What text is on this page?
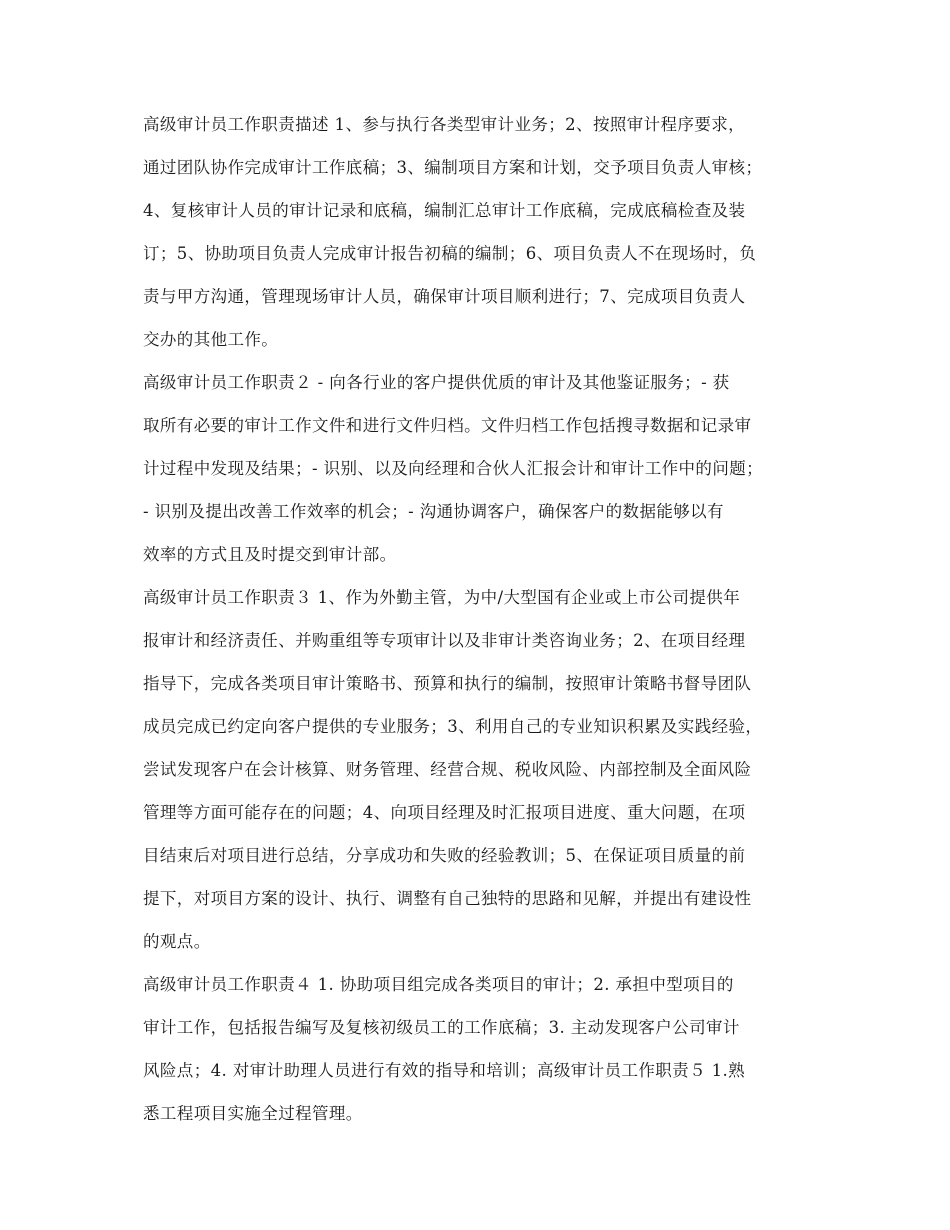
高级审计员工作职责描述 1、参与执行各类型审计业务；2、按照审计程序要求，
通过团队协作完成审计工作底稿；3、编制项目方案和计划，交予项目负责人审核；
4、复核审计人员的审计记录和底稿，编制汇总审计工作底稿，完成底稿检查及装
订；5、协助项目负责人完成审计报告初稿的编制；6、项目负责人不在现场时，负
责与甲方沟通，管理现场审计人员，确保审计项目顺利进行；7、完成项目负责人
交办的其他工作。
高级审计员工作职责２ - 向各行业的客户提供优质的审计及其他鉴证服务；- 获
取所有必要的审计工作文件和进行文件归档。文件归档工作包括搜寻数据和记录审
计过程中发现及结果；- 识别、以及向经理和合伙人汇报会计和审计工作中的问题；
- 识别及提出改善工作效率的机会；- 沟通协调客户，确保客户的数据能够以有
效率的方式且及时提交到审计部。
高级审计员工作职责３ 1、作为外勤主管，为中/大型国有企业或上市公司提供年
报审计和经济责任、并购重组等专项审计以及非审计类咨询业务；2、在项目经理
指导下，完成各类项目审计策略书、预算和执行的编制，按照审计策略书督导团队
成员完成已约定向客户提供的专业服务；3、利用自己的专业知识积累及实践经验，
尝试发现客户在会计核算、财务管理、经营合规、税收风险、内部控制及全面风险
管理等方面可能存在的问题；4、向项目经理及时汇报项目进度、重大问题，在项
目结束后对项目进行总结，分享成功和失败的经验教训；5、在保证项目质量的前
提下，对项目方案的设计、执行、调整有自己独特的思路和见解，并提出有建设性
的观点。
高级审计员工作职责４ 1. 协助项目组完成各类项目的审计；2. 承担中型项目的
审计工作，包括报告编写及复核初级员工的工作底稿；3. 主动发现客户公司审计
风险点；4. 对审计助理人员进行有效的指导和培训；高级审计员工作职责５ 1.熟
悉工程项目实施全过程管理。
